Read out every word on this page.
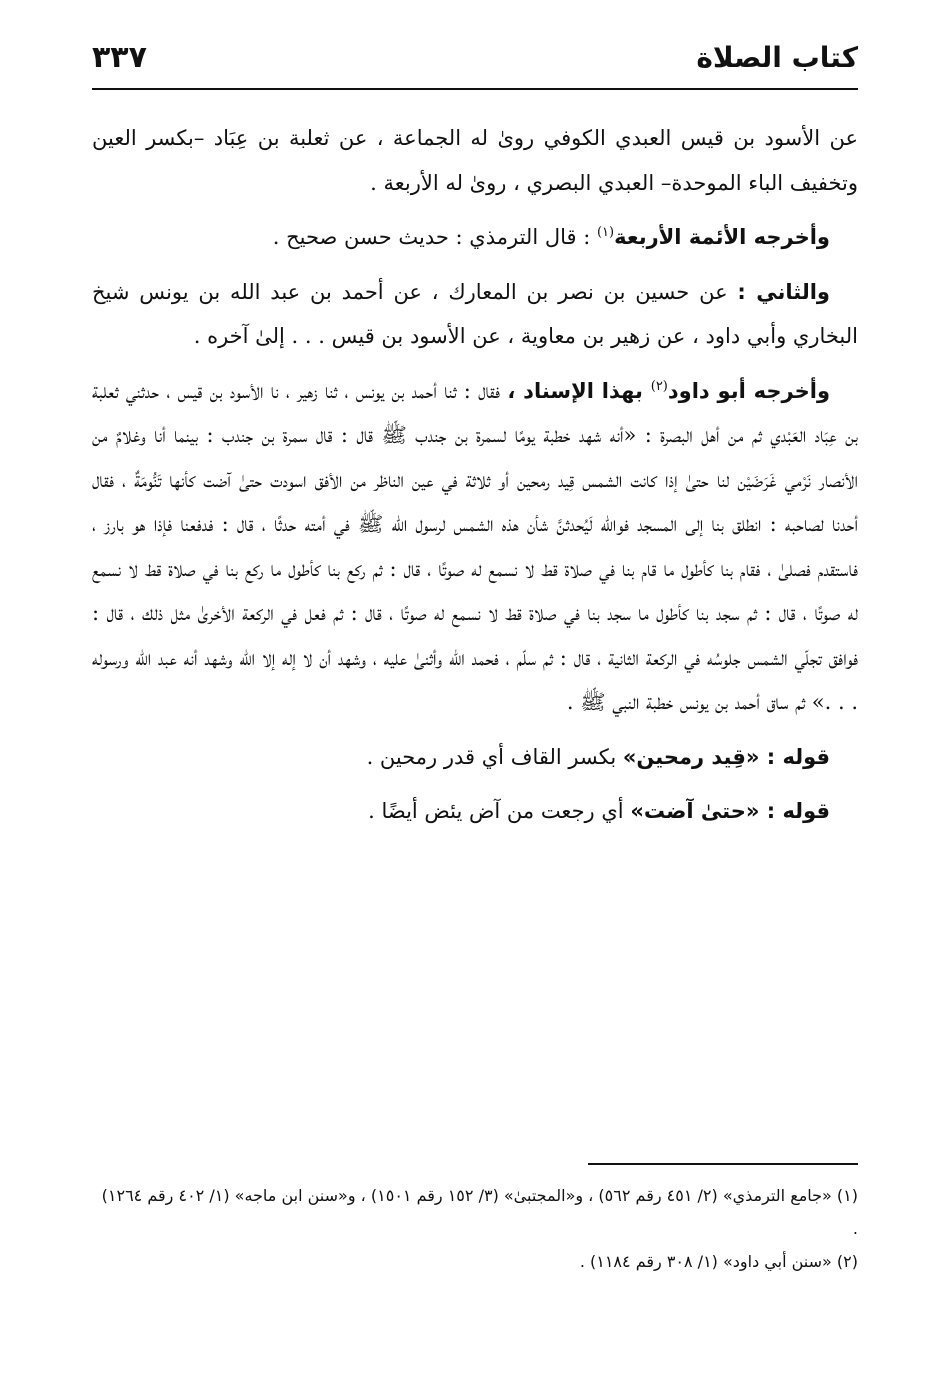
كتاب الصلاة
٣٣٧

عن الأسود بن قيس العبدي الكوفي روىٰ له الجماعة ، عن ثعلبة بن عِبَاد –بكسر العين وتخفيف الباء الموحدة– العبدي البصري ، روىٰ له الأربعة .

وأخرجه الأئمة الأربعة$^{(١)}$ : قال الترمذي : حديث حسن صحيح .

والثاني : عن حسين بن نصر بن المعارك ، عن أحمد بن عبد الله بن يونس شيخ البخاري وأبي داود ، عن زهير بن معاوية ، عن الأسود بن قيس . . . إلىٰ آخره .

وأخرجه أبو داود$^{(٢)}$ بهذا الإسناد ، فقال : ثنا أحمد بن يونس ، ثنا زهير ، نا الأسود بن قيس ، حدثني ثعلبة بن عِبَاد العَبْدي ثم من أهل البصرة : «أنه شهد خطبة يومًا لسمرة بن جندب ﷺ قال : قال سمرة بن جندب : بينما أنا وغلامٌ من الأنصار نَرْمي غَرَضَيْن لنا حتىٰ إذا كانت الشمس قِيد رمحين أو ثلاثة في عين الناظر من الأفق اسودت حتىٰ آضت كأنها تَنُّومَةٌ ، فقال أحدنا لصاحبه : انطلق بنا إلى المسجد فوالله لَيُحدثنَّ شأن هذه الشمس لرسول الله ﷺ في أمته حدثًا ، قال : فدفعنا فإذا هو بارز ، فاستقدم فصلىٰ ، فقام بنا كأطول ما قام بنا في صلاة قط لا نسمع له صوتًا ، قال : ثم ركع بنا كأطول ما ركع بنا في صلاة قط لا نسمع له صوتًا ، قال : ثم سجد بنا كأطول ما سجد بنا في صلاة قط لا نسمع له صوتًا ، قال : ثم فعل في الركعة الأخرىٰ مثل ذلك ، قال : فوافق تجلّي الشمس جلوسُه في الركعة الثانية ، قال : ثم سلّم ، فحمد الله وأثنىٰ عليه ، وشهد أن لا إله إلا الله وشهد أنه عبد الله ورسوله . . .» ثم ساق أحمد بن يونس خطبة النبي ﷺ .

قوله : «قِيد رمحين» بكسر القاف أي قدر رمحين .

قوله : «حتىٰ آضت» أي رجعت من آض يئض أيضًا .

(١) «جامع الترمذي» (٢/ ٤٥١ رقم ٥٦٢) ، و«المجتبىٰ» (٣/ ١٥٢ رقم ١٥٠١) ، و«سنن ابن ماجه» (١/ ٤٠٢ رقم ١٢٦٤) .

(٢) «سنن أبي داود» (١/ ٣٠٨ رقم ١١٨٤) .
